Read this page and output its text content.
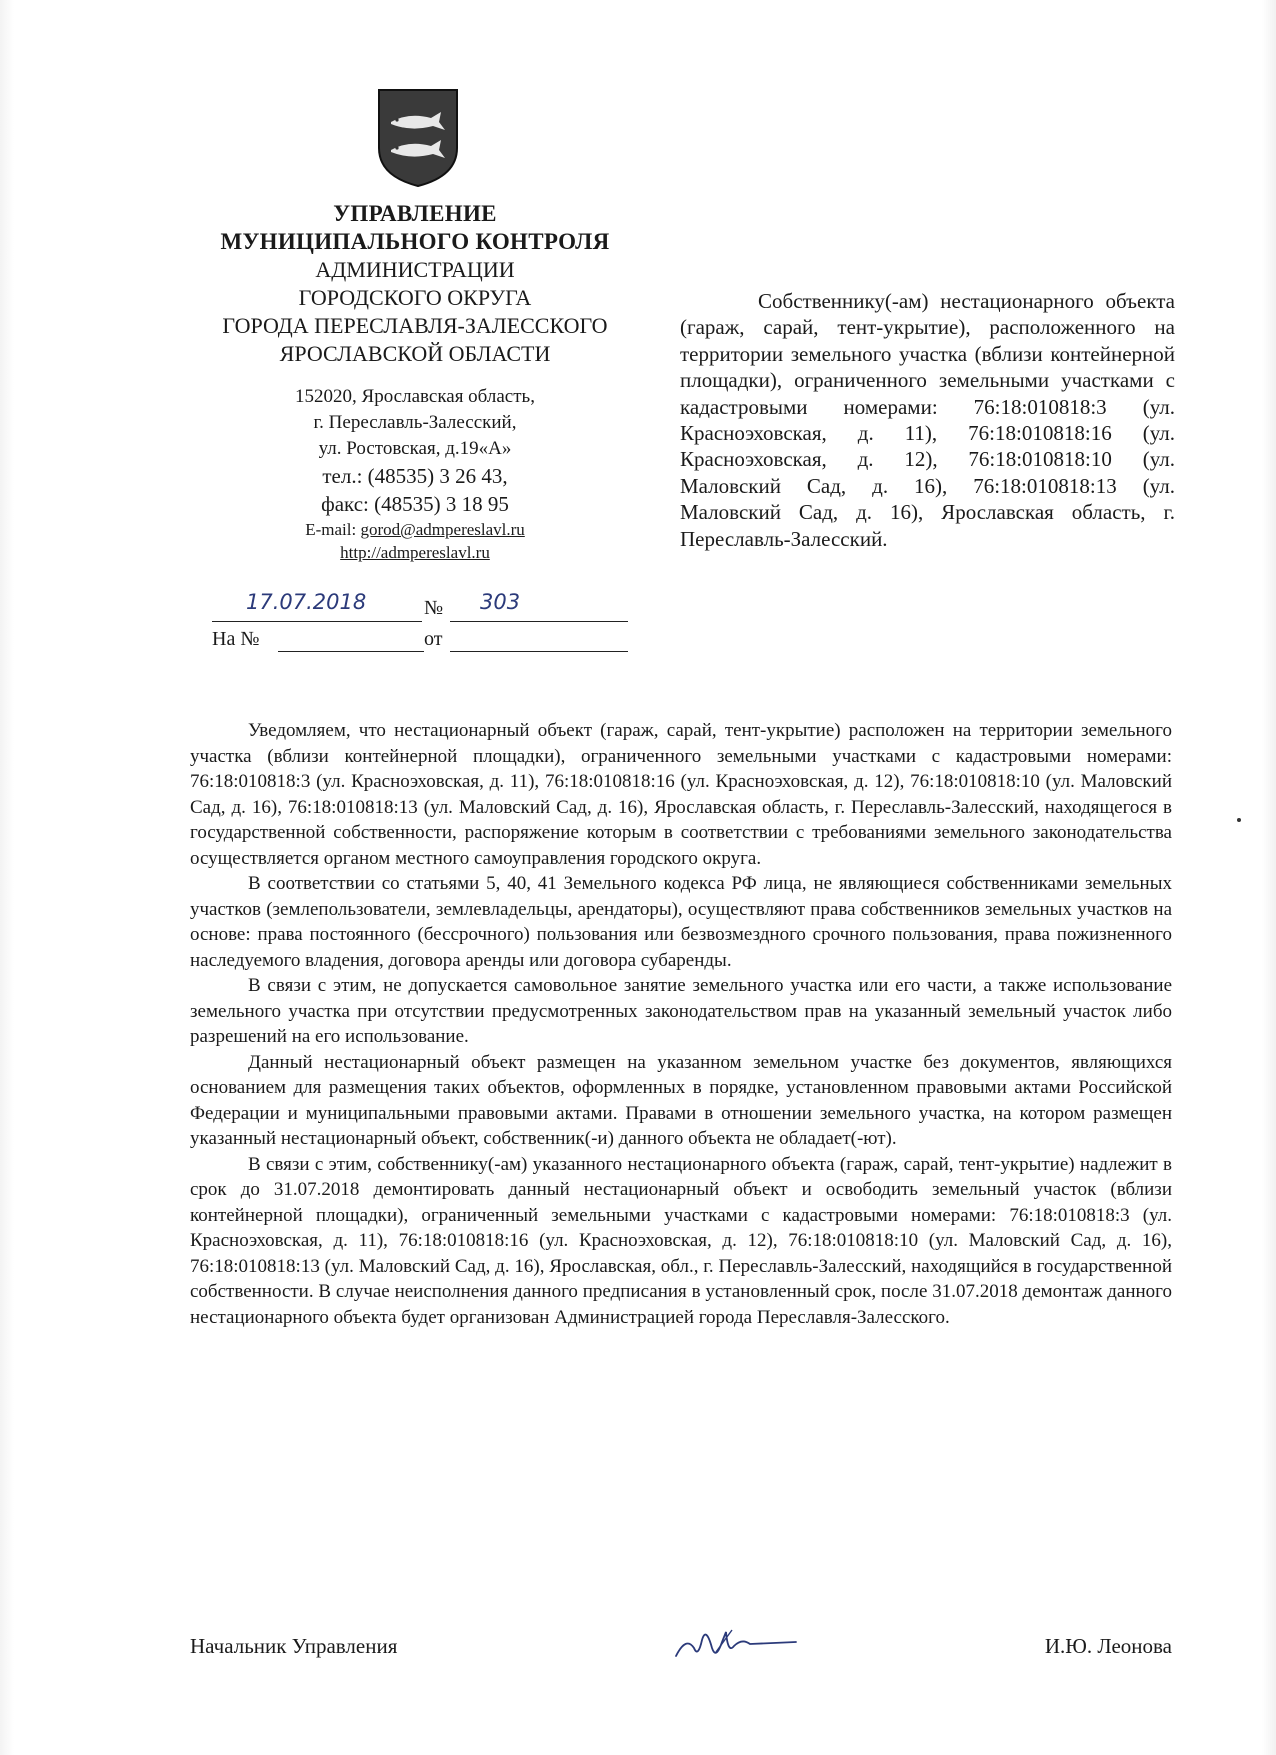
УПРАВЛЕНИЕ
МУНИЦИПАЛЬНОГО КОНТРОЛЯ
АДМИНИСТРАЦИИ
ГОРОДСКОГО ОКРУГА
ГОРОДА ПЕРЕСЛАВЛЯ-ЗАЛЕССКОГО
ЯРОСЛАВСКОЙ ОБЛАСТИ
152020, Ярославская область,
г. Переславль-Залесский,
ул. Ростовская, д.19«А»
тел.: (48535) 3 26 43,
факс: (48535) 3 18 95
E-mail: gorod@admpereslavl.ru
http://admpereslavl.ru
17.07.2018	№ 303
На №	от

Собственнику(-ам) нестационарного объекта (гараж, сарай, тент-укрытие), расположенного на территории земельного участка (вблизи контейнерной площадки), ограниченного земельными участками с кадастровыми номерами: 76:18:010818:3 (ул. Красноэховская, д. 11), 76:18:010818:16 (ул. Красноэховская, д. 12), 76:18:010818:10 (ул. Маловский Сад, д. 16), 76:18:010818:13 (ул. Маловский Сад, д. 16), Ярославская область, г. Переславль-Залесский.

Уведомляем, что нестационарный объект (гараж, сарай, тент-укрытие) расположен на территории земельного участка (вблизи контейнерной площадки), ограниченного земельными участками с кадастровыми номерами: 76:18:010818:3 (ул. Красноэховская, д. 11), 76:18:010818:16 (ул. Красноэховская, д. 12), 76:18:010818:10 (ул. Маловский Сад, д. 16), 76:18:010818:13 (ул. Маловский Сад, д. 16), Ярославская область, г. Переславль-Залесский, находящегося в государственной собственности, распоряжение которым в соответствии с требованиями земельного законодательства осуществляется органом местного самоуправления городского округа.

В соответствии со статьями 5, 40, 41 Земельного кодекса РФ лица, не являющиеся собственниками земельных участков (землепользователи, землевладельцы, арендаторы), осуществляют права собственников земельных участков на основе: права постоянного (бессрочного) пользования или безвозмездного срочного пользования, права пожизненного наследуемого владения, договора аренды или договора субаренды.

В связи с этим, не допускается самовольное занятие земельного участка или его части, а также использование земельного участка при отсутствии предусмотренных законодательством прав на указанный земельный участок либо разрешений на его использование.

Данный нестационарный объект размещен на указанном земельном участке без документов, являющихся основанием для размещения таких объектов, оформленных в порядке, установленном правовыми актами Российской Федерации и муниципальными правовыми актами. Правами в отношении земельного участка, на котором размещен указанный нестационарный объект, собственник(-и) данного объекта не обладает(-ют).

В связи с этим, собственнику(-ам) указанного нестационарного объекта (гараж, сарай, тент-укрытие) надлежит в срок до 31.07.2018 демонтировать данный нестационарный объект и освободить земельный участок (вблизи контейнерной площадки), ограниченный земельными участками с кадастровыми номерами: 76:18:010818:3 (ул. Красноэховская, д. 11), 76:18:010818:16 (ул. Красноэховская, д. 12), 76:18:010818:10 (ул. Маловский Сад, д. 16), 76:18:010818:13 (ул. Маловский Сад, д. 16), Ярославская, обл., г. Переславль-Залесский, находящийся в государственной собственности. В случае неисполнения данного предписания в установленный срок, после 31.07.2018 демонтаж данного нестационарного объекта будет организован Администрацией города Переславля-Залесского.

Начальник Управления	И.Ю. Леонова
